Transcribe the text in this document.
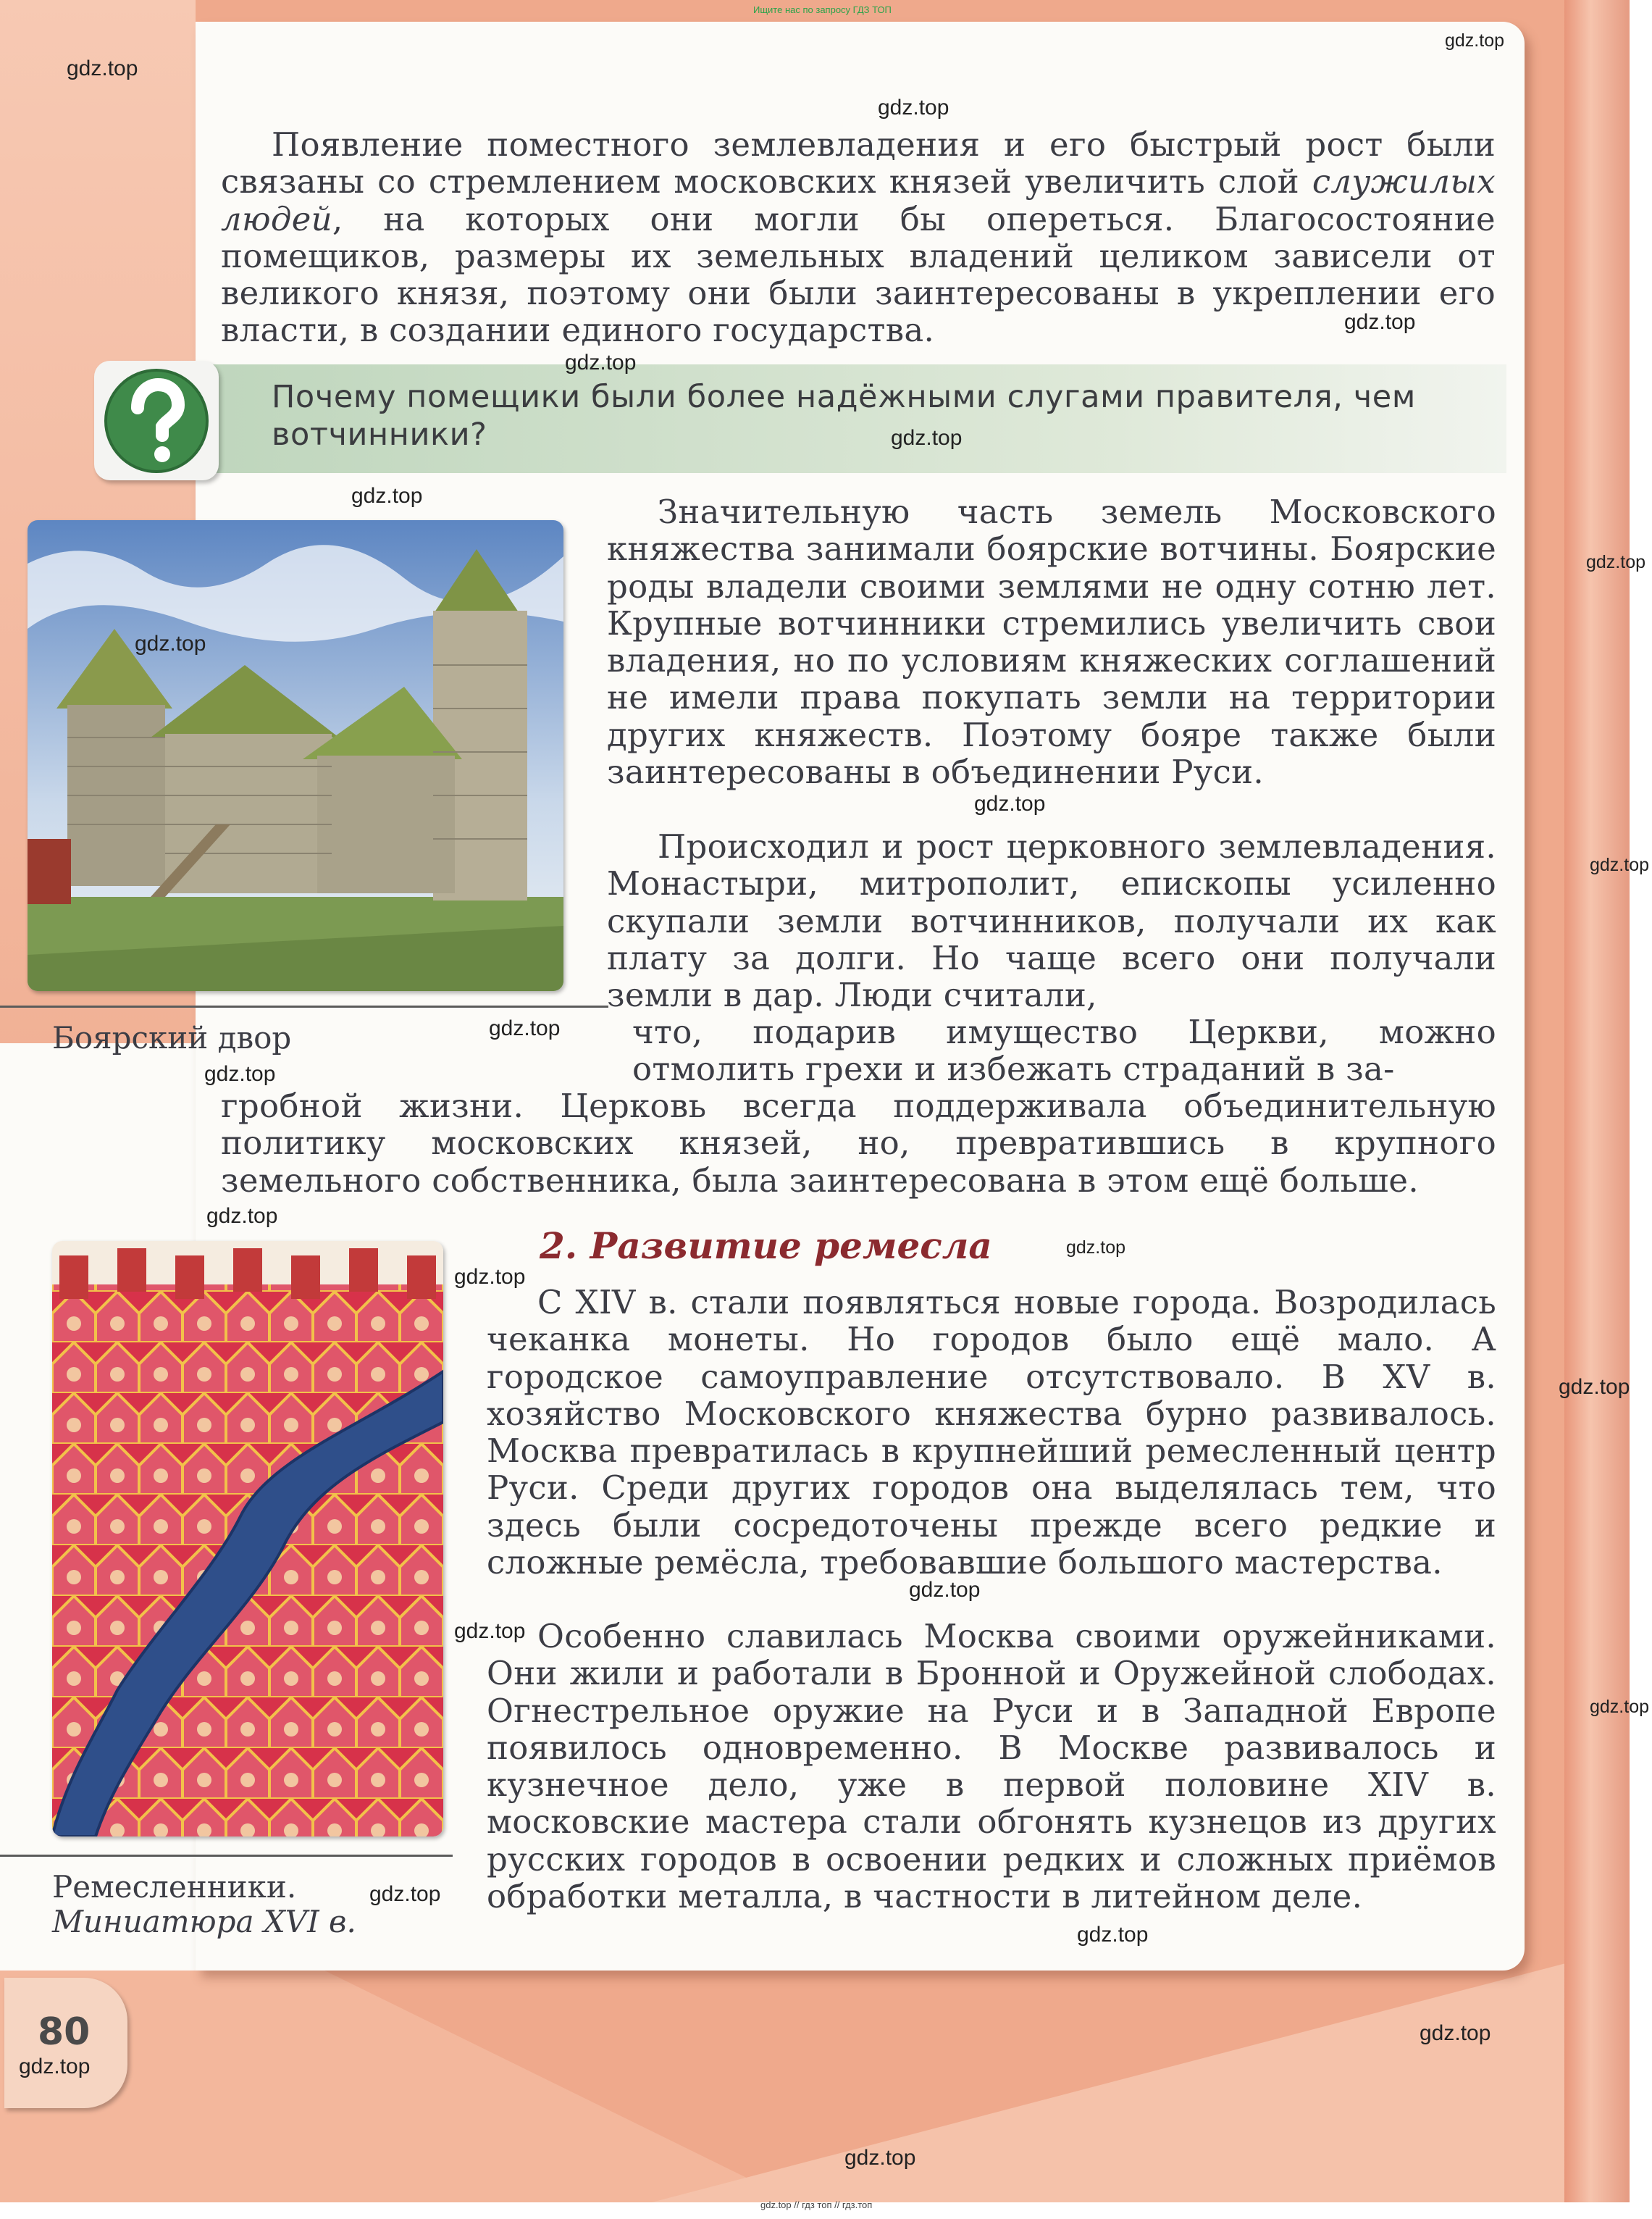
Ищите нас по запросу ГДЗ ТОП

Появление поместного землевладения и его быстрый рост были связаны со стремлением московских князей увеличить слой служилых людей, на которых они могли бы опереться. Благосостояние помещиков, размеры их земельных владений целиком зависели от великого князя, поэтому они были заинтересованы в укреплении его власти, в создании единого государства.

Почему помещики были более надёжными слугами правителя, чем вотчинники?

Боярский двор

Значительную часть земель Московского княжества занимали боярские вотчины. Боярские роды владели своими землями не одну сотню лет. Крупные вотчинники стремились увеличить свои владения, но по условиям княжеских соглашений не имели права покупать земли на территории других княжеств. Поэтому бояре также были заинтересованы в объединении Руси.

Происходил и рост церковного землевладения. Монастыри, митрополит, епископы усиленно скупали земли вотчинников, получали их как плату за долги. Но чаще всего они получали земли в дар. Люди считали,

что, подарив имущество Церкви, можно отмолить грехи и избежать страданий в за-

гробной жизни. Церковь всегда поддерживала объединительную политику московских князей, но, превратившись в крупного земельного собственника, была заинтересована в этом ещё больше.

Ремесленники.
Миниатюра XVI в.
2. Развитие ремесла

С XIV в. стали появляться новые города. Возродилась чеканка монеты. Но городов было ещё мало. А городское самоуправление отсутствовало. В XV в. хозяйство Московского княжества бурно развивалось. Москва превратилась в крупнейший ремесленный центр Руси. Среди других городов она выделялась тем, что здесь были сосредоточены прежде всего редкие и сложные ремёсла, требовавшие большого мастерства.

Особенно славилась Москва своими оружейниками. Они жили и работали в Бронной и Оружейной слободах. Огнестрельное оружие на Руси и в Западной Европе появилось одновременно. В Москве развивалось и кузнечное дело, уже в первой половине XIV в. московские мастера стали обгонять кузнецов из других русских городов в освоении редких и сложных приёмов обработки металла, в частности в литейном деле.

80
gdz.top
gdz.top
gdz.top
gdz.top
gdz.top
gdz.top
gdz.top
gdz.top
gdz.top
gdz.top
gdz.top
gdz.top
gdz.top
gdz.top
gdz.top
gdz.top
gdz.top
gdz.top
gdz.top
gdz.top
gdz.top
gdz.top
gdz.top
gdz.top
gdz.top
gdz.top // гдз топ // гдз.топ
